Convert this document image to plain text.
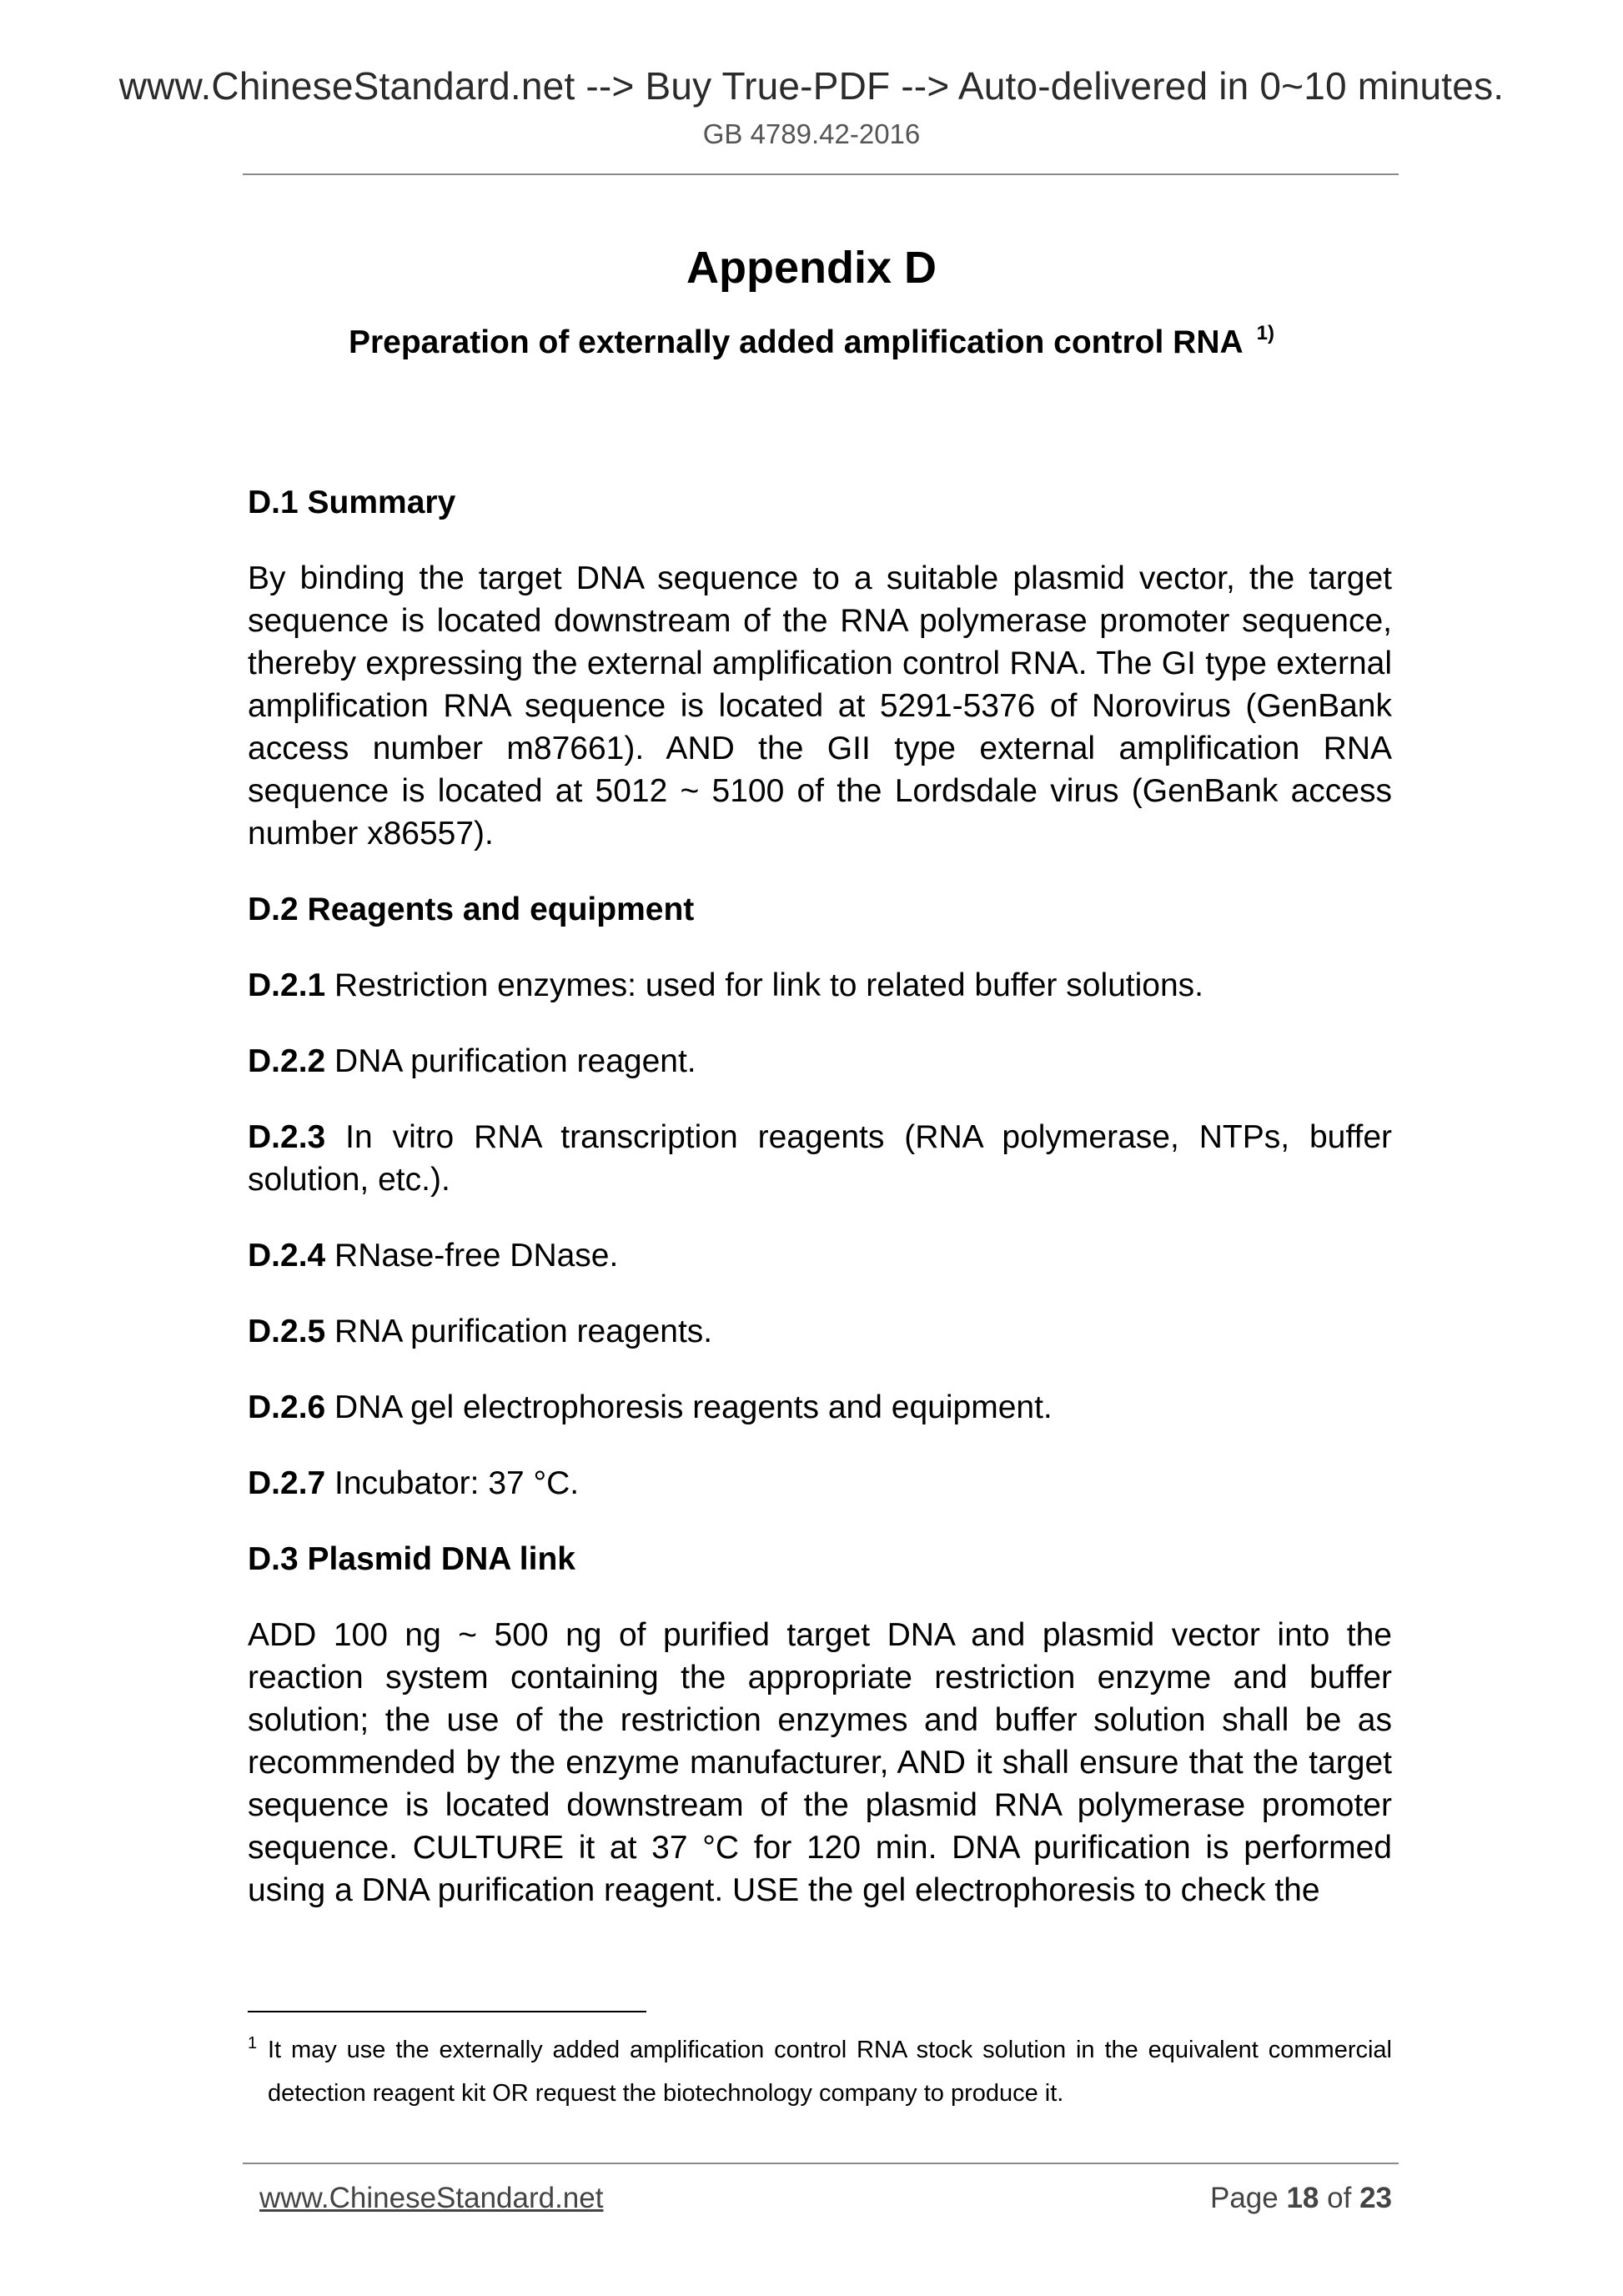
www.ChineseStandard.net --> Buy True-PDF --> Auto-delivered in 0~10 minutes.
GB 4789.42-2016
Appendix D
Preparation of externally added amplification control RNA $^{1)}$
D.1 Summary

By binding the target DNA sequence to a suitable plasmid vector, the target sequence is located downstream of the RNA polymerase promoter sequence, thereby expressing the external amplification control RNA. The GI type external amplification RNA sequence is located at 5291-5376 of Norovirus (GenBank access number m87661). AND the GII type external amplification RNA sequence is located at 5012 ~ 5100 of the Lordsdale virus (GenBank access number x86557).

D.2 Reagents and equipment

D.2.1 Restriction enzymes: used for link to related buffer solutions.

D.2.2 DNA purification reagent.

D.2.3 In vitro RNA transcription reagents (RNA polymerase, NTPs, buffer solution, etc.).

D.2.4 RNase-free DNase.

D.2.5 RNA purification reagents.

D.2.6 DNA gel electrophoresis reagents and equipment.

D.2.7 Incubator: 37 °C.

D.3 Plasmid DNA link

ADD 100 ng ~ 500 ng of purified target DNA and plasmid vector into the reaction system containing the appropriate restriction enzyme and buffer solution; the use of the restriction enzymes and buffer solution shall be as recommended by the enzyme manufacturer, AND it shall ensure that the target sequence is located downstream of the plasmid RNA polymerase promoter sequence. CULTURE it at 37 °C for 120 min. DNA purification is performed using a DNA purification reagent. USE the gel electrophoresis to check the

1 It may use the externally added amplification control RNA stock solution in the equivalent commercial detection reagent kit OR request the biotechnology company to produce it.
www.ChineseStandard.net	Page 18 of 23
